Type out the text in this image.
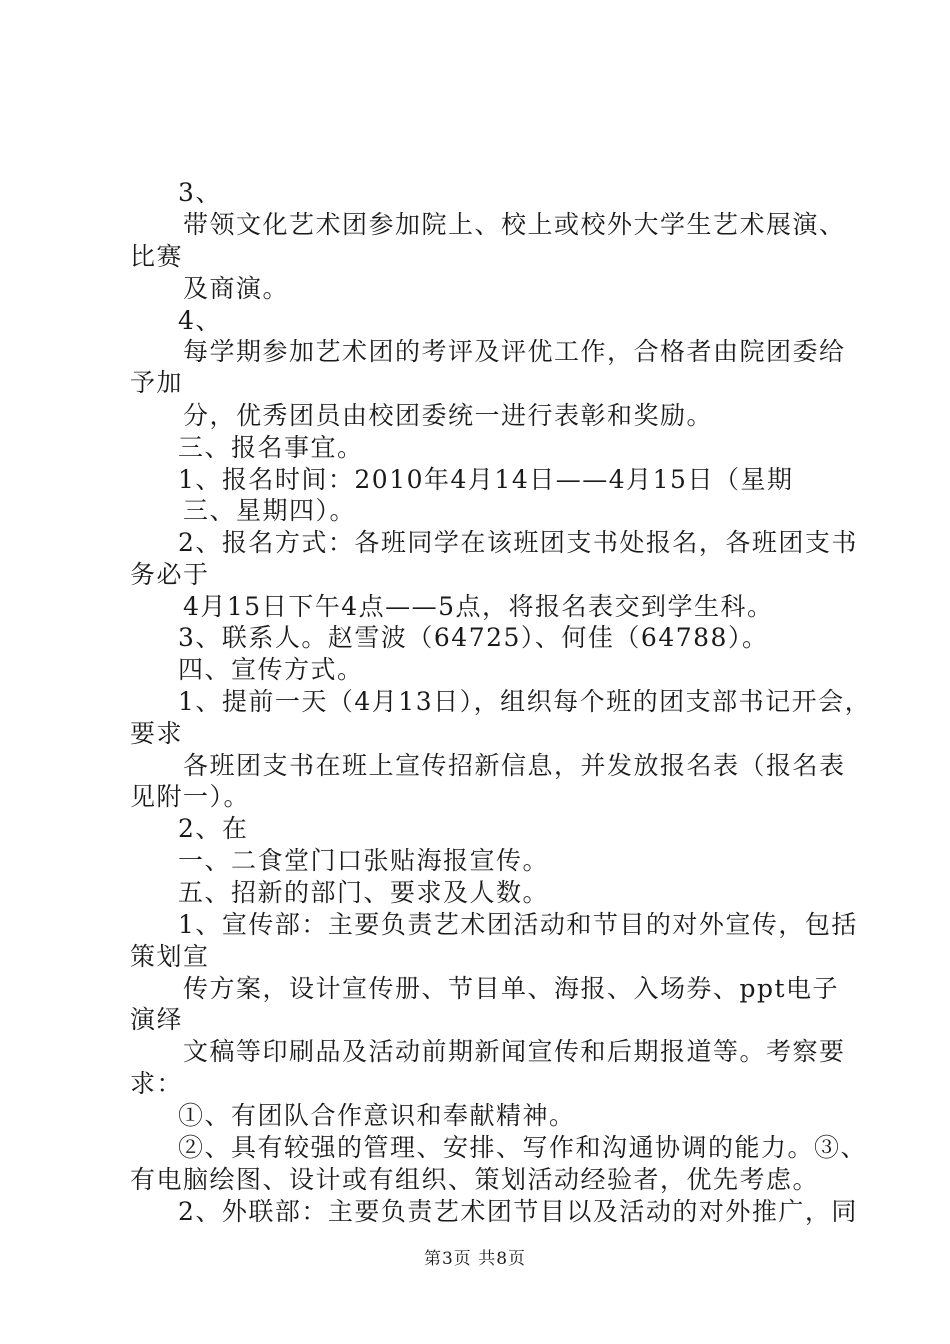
3、

带领文化艺术团参加院上、校上或校外大学生艺术展演、

比赛

及商演。

4、

每学期参加艺术团的考评及评优工作，合格者由院团委给

予加

分，优秀团员由校团委统一进行表彰和奖励。

三、报名事宜。

1、报名时间：2010年4月14日——4月15日（星期

三、星期四）。

2、报名方式：各班同学在该班团支书处报名，各班团支书

务必于

4月15日下午4点——5点，将报名表交到学生科。

3、联系人。赵雪波（64725）、何佳（64788）。

四、宣传方式。

1、提前一天（4月13日），组织每个班的团支部书记开会，

要求

各班团支书在班上宣传招新信息，并发放报名表（报名表

见附一）。

2、在

一、二食堂门口张贴海报宣传。

五、招新的部门、要求及人数。

1、宣传部：主要负责艺术团活动和节目的对外宣传，包括

策划宣

传方案，设计宣传册、节目单、海报、入场券、ppt电子

演绎

文稿等印刷品及活动前期新闻宣传和后期报道等。考察要

求：

①、有团队合作意识和奉献精神。

②、具有较强的管理、安排、写作和沟通协调的能力。③、

有电脑绘图、设计或有组织、策划活动经验者，优先考虑。

2、外联部：主要负责艺术团节目以及活动的对外推广，同

第3页 共8页
